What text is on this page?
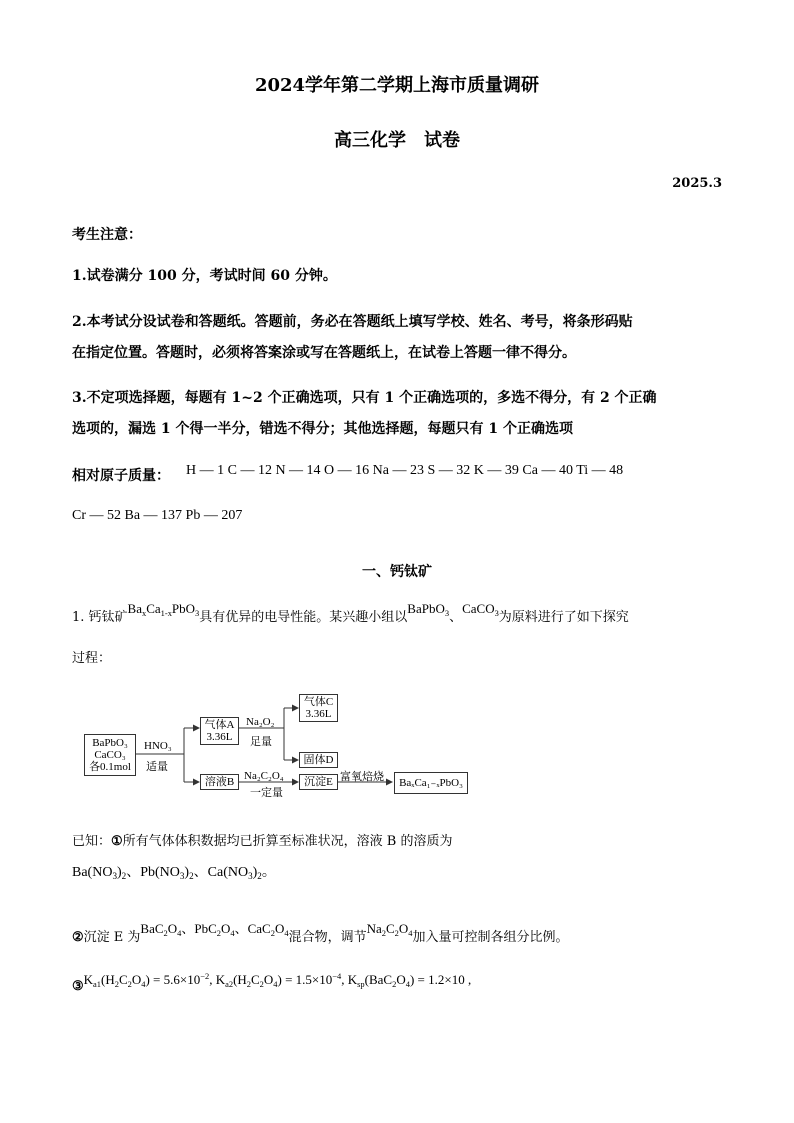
2024学年第二学期上海市质量调研
高三化学　试卷
2025.3
考生注意：
1.试卷满分 100 分，考试时间 60 分钟。
2.本考试分设试卷和答题纸。答题前，务必在答题纸上填写学校、姓名、考号，将条形码贴
在指定位置。答题时，必须将答案涂或写在答题纸上，在试卷上答题一律不得分。
3.不定项选择题，每题有 1~2 个正确选项，只有 1 个正确选项的，多选不得分，有 2 个正确
选项的，漏选 1 个得一半分，错选不得分；其他选择题，每题只有 1 个正确选项
相对原子质量： H — 1 C — 12 N — 14 O — 16 Na — 23 S — 32 K — 39 Ca — 40 Ti — 48
Cr — 52 Ba — 137 Pb — 207
一、钙钛矿
1. 钙钛矿$Ba_xCa_{1-x}PbO_3$具有优异的电导性能。某兴趣小组以BaPbO$_3$、CaCO$_3$为原料进行了如下探究
过程：
BaPbO₃
CaCO₃
各0.1mol
HNO₃
适量
气体A
3.36L
Na₂O₂
足量
气体C
3.36L
固体D
溶液B Na₂C₂O₄
一定量
沉淀E 富氧焙烧	BaₓCa₁₋ₓPbO₃
已知：①所有气体体积数据均已折算至标准状况，溶液 B 的溶质为
$Ba(NO_3)_2$、$Pb(NO_3)_2$、$Ca(NO_3)_2$。
②沉淀 E 为$BaC_2O_4$、$PbC_2O_4$、$CaC_2O_4$混合物，调节$Na_2C_2O_4$加入量可控制各组分比例。
$③K_{a1}(H_2C_2O_4) = 5.6\times 10^{-2}$, $K_{a2}(H_2C_2O_4) = 1.5\times 10^{-4}$, $K_{sp}(BaC_2O_4) = 1.2\times 10$ ,
